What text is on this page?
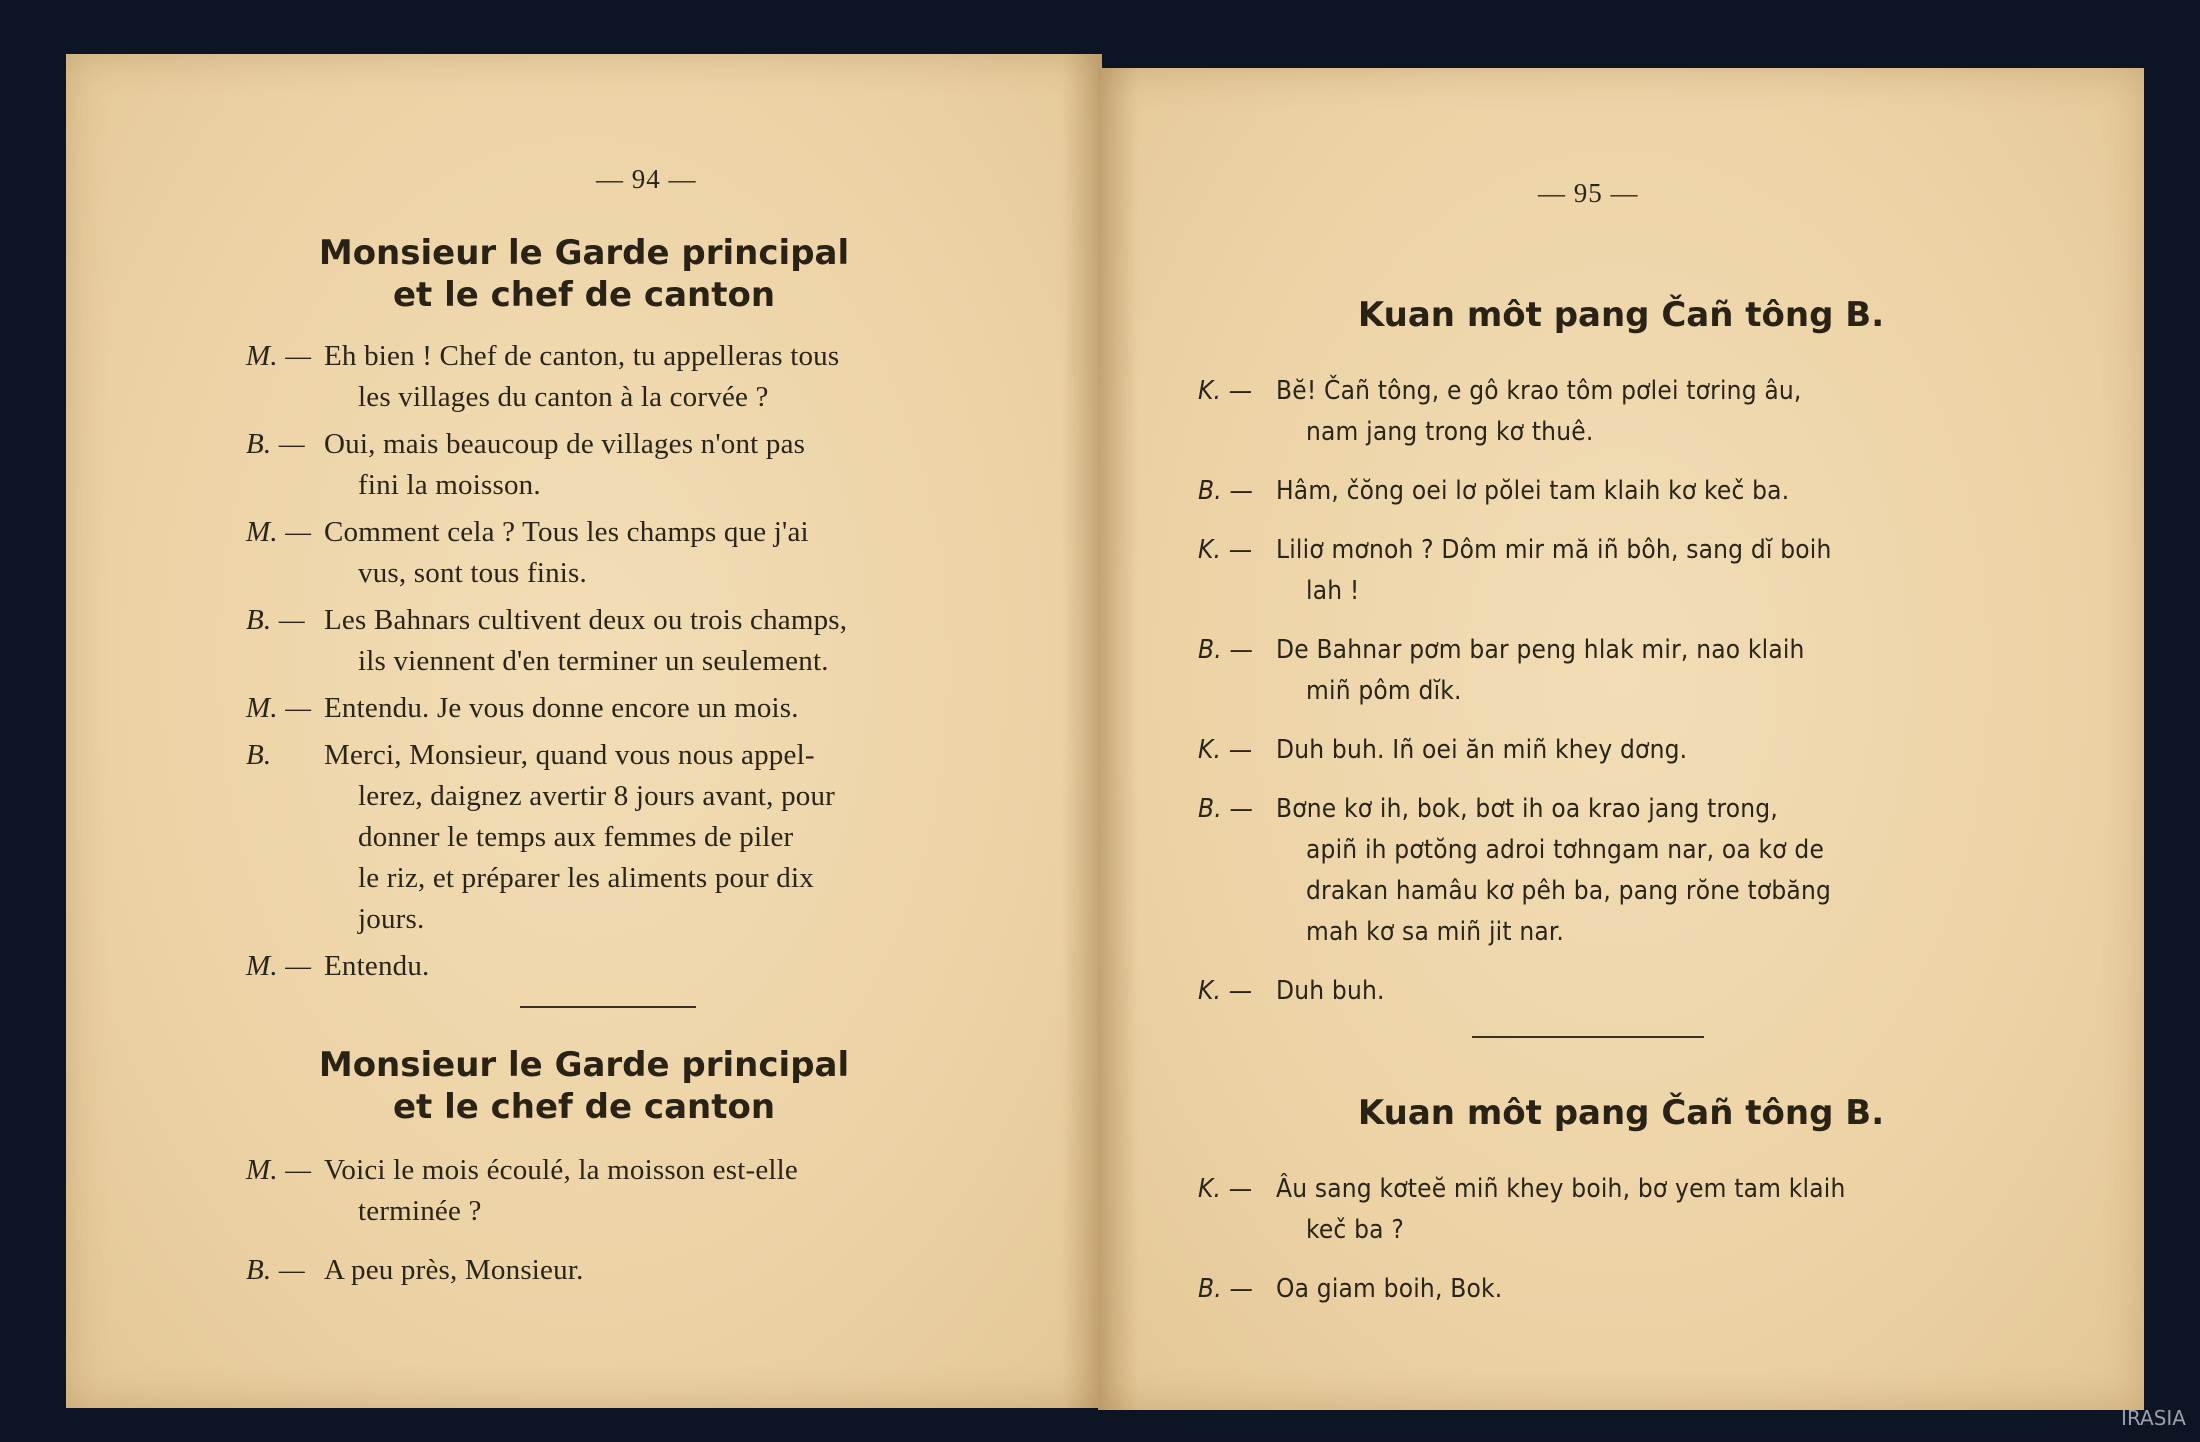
— 94 —
Monsieur le Garde principal
et le chef de canton
M. — Eh bien ! Chef de canton, tu appelleras tous
les villages du canton à la corvée ?
B. — Oui, mais beaucoup de villages n'ont pas
fini la moisson.
M. — Comment cela ? Tous les champs que j'ai
vus, sont tous finis.
B. — Les Bahnars cultivent deux ou trois champs,
ils viennent d'en terminer un seulement.
M. — Entendu. Je vous donne encore un mois.
B. Merci, Monsieur, quand vous nous appel-
lerez, daignez avertir 8 jours avant, pour
donner le temps aux femmes de piler
le riz, et préparer les aliments pour dix
jours.
M. — Entendu.
Monsieur le Garde principal
et le chef de canton
M. — Voici le mois écoulé, la moisson est-elle
terminée ?
B. — A peu près, Monsieur.
— 95 —
Kuan môt pang Čañ tông B.
K. — Bĕ! Čañ tông, e gô krao tôm pơlei tơring âu,
nam jang trong kơ thuê.
B. — Hâm, čŏng oei lơ pŏlei tam klaih kơ keč ba.
K. — Liliơ mơnoh ? Dôm mir mă iñ bôh, sang dĭ boih
lah !
B. — De Bahnar pơm bar peng hlak mir, nao klaih
miñ pôm dĭk.
K. — Duh buh. Iñ oei ăn miñ khey dơng.
B. — Bơne kơ ih, bok, bơt ih oa krao jang trong,
apiñ ih pơtŏng adroi tơhngam nar, oa kơ de
drakan hamâu kơ pêh ba, pang rŏne tơbăng
mah kơ sa miñ jit nar.
K. — Duh buh.
Kuan môt pang Čañ tông B.
K. — Âu sang kơteĕ miñ khey boih, bơ yem tam klaih
keč ba ?
B. — Oa giam boih, Bok.
IRASIA
